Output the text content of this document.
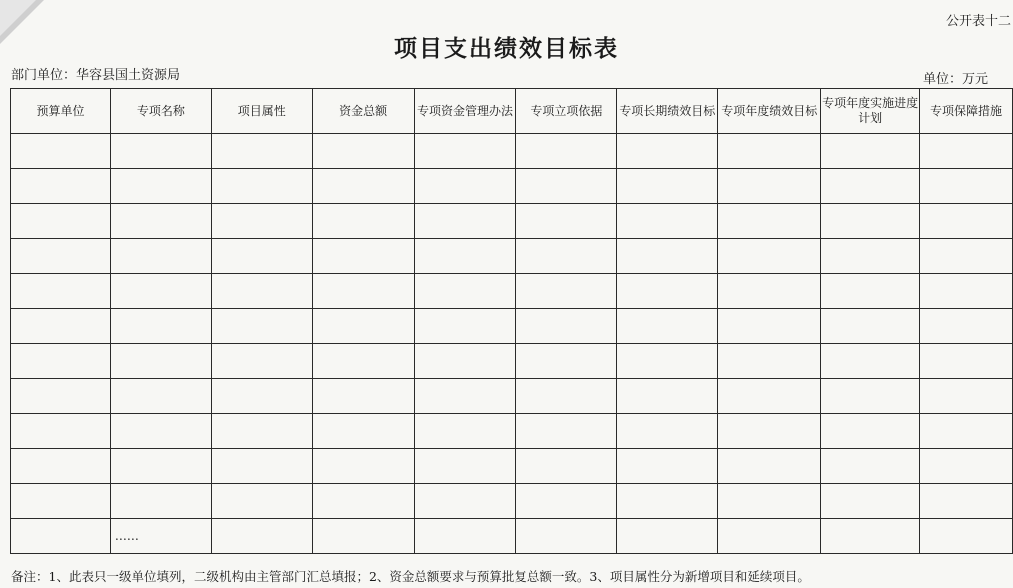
公开表十二
项目支出绩效目标表
部门单位：华容县国土资源局	单位：万元
预算单位	专项名称	项目属性	资金总额	专项资金管理办法	专项立项依据	专项长期绩效目标	专项年度绩效目标	专项年度实施进度计划	专项保障措施

	……								
备注：1、此表只一级单位填列，二级机构由主管部门汇总填报；2、资金总额要求与预算批复总额一致。3、项目属性分为新增项目和延续项目。
